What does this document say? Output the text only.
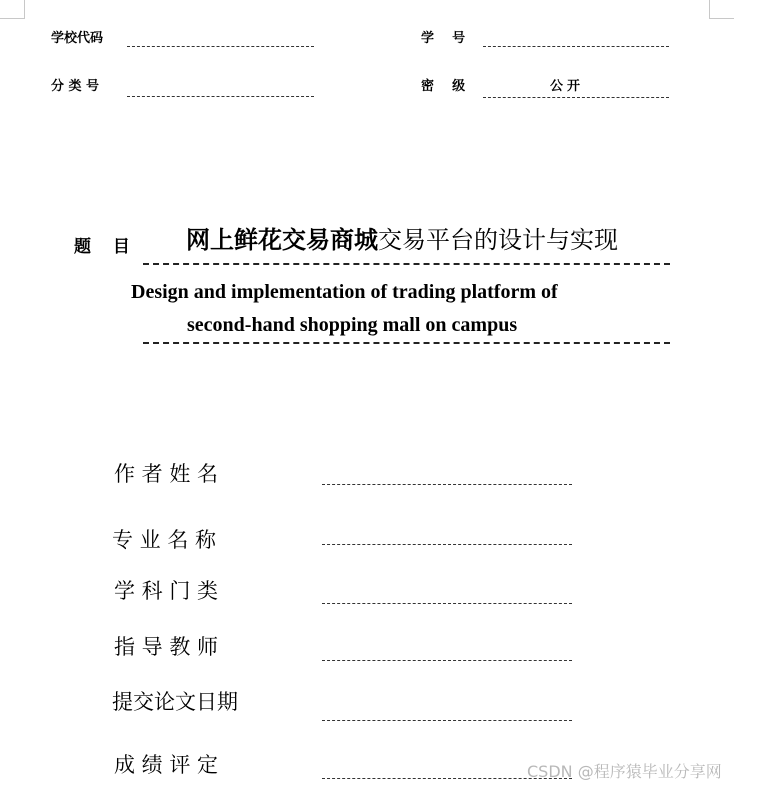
学校代码	学    号
分 类 号	密    级	公开
题 目 网上鲜花交易商城交易平台的设计与实现
Design and implementation of trading platform of
second-hand shopping mall on campus
作 者 姓 名
专 业 名 称
学 科 门 类
指 导 教 师
提交论文日期
成 绩 评 定	CSDN @程序猿毕业分享网
